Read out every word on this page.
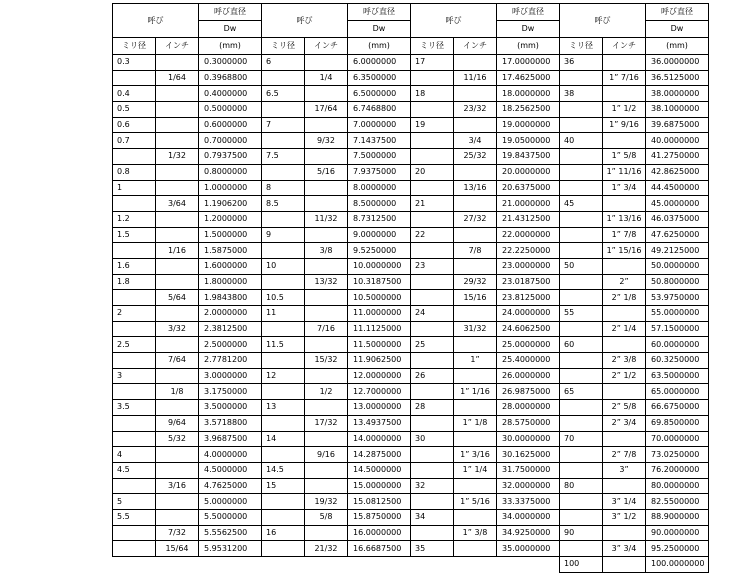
呼び		呼び直径	呼び		呼び直径	呼び		呼び直径	呼び		呼び直径
		Dw			Dw			Dw			Dw
ミリ径	インチ	(mm)	ミリ径	インチ	(mm)	ミリ径	インチ	(mm)	ミリ径	インチ	(mm)
0.3		0.3000000	6		6.0000000	17		17.0000000	36		36.0000000
	1/64	0.3968800		1/4	6.3500000		11/16	17.4625000		1” 7/16	36.5125000
0.4		0.4000000	6.5		6.5000000	18		18.0000000	38		38.0000000
0.5		0.5000000		17/64	6.7468800		23/32	18.2562500		1” 1/2	38.1000000
0.6		0.6000000	7		7.0000000	19		19.0000000		1” 9/16	39.6875000
0.7		0.7000000		9/32	7.1437500		3/4	19.0500000	40		40.0000000
	1/32	0.7937500	7.5		7.5000000		25/32	19.8437500		1” 5/8	41.2750000
0.8		0.8000000		5/16	7.9375000	20		20.0000000		1” 11/16	42.8625000
1		1.0000000	8		8.0000000		13/16	20.6375000		1” 3/4	44.4500000
	3/64	1.1906200	8.5		8.5000000	21		21.0000000	45		45.0000000
1.2		1.2000000		11/32	8.7312500		27/32	21.4312500		1” 13/16	46.0375000
1.5		1.5000000	9		9.0000000	22		22.0000000		1” 7/8	47.6250000
	1/16	1.5875000		3/8	9.5250000		7/8	22.2250000		1” 15/16	49.2125000
1.6		1.6000000	10		10.0000000	23		23.0000000	50		50.0000000
1.8		1.8000000		13/32	10.3187500		29/32	23.0187500		2”	50.8000000
	5/64	1.9843800	10.5		10.5000000		15/16	23.8125000		2” 1/8	53.9750000
2		2.0000000	11		11.0000000	24		24.0000000	55		55.0000000
	3/32	2.3812500		7/16	11.1125000		31/32	24.6062500		2” 1/4	57.1500000
2.5		2.5000000	11.5		11.5000000	25		25.0000000	60		60.0000000
	7/64	2.7781200		15/32	11.9062500		1”	25.4000000		2” 3/8	60.3250000
3		3.0000000	12		12.0000000	26		26.0000000		2” 1/2	63.5000000
	1/8	3.1750000		1/2	12.7000000		1” 1/16	26.9875000	65		65.0000000
3.5		3.5000000	13		13.0000000	28		28.0000000		2” 5/8	66.6750000
	9/64	3.5718800		17/32	13.4937500		1” 1/8	28.5750000		2” 3/4	69.8500000
	5/32	3.9687500	14		14.0000000	30		30.0000000	70		70.0000000
4		4.0000000		9/16	14.2875000		1” 3/16	30.1625000		2” 7/8	73.0250000
4.5		4.5000000	14.5		14.5000000		1” 1/4	31.7500000		3”	76.2000000
	3/16	4.7625000	15		15.0000000	32		32.0000000	80		80.0000000
5		5.0000000		19/32	15.0812500		1” 5/16	33.3375000		3” 1/4	82.5500000
5.5		5.5000000		5/8	15.8750000	34		34.0000000		3” 1/2	88.9000000
	7/32	5.5562500	16		16.0000000		1” 3/8	34.9250000	90		90.0000000
	15/64	5.9531200		21/32	16.6687500	35		35.0000000		3” 3/4	95.2500000
									100		100.0000000
